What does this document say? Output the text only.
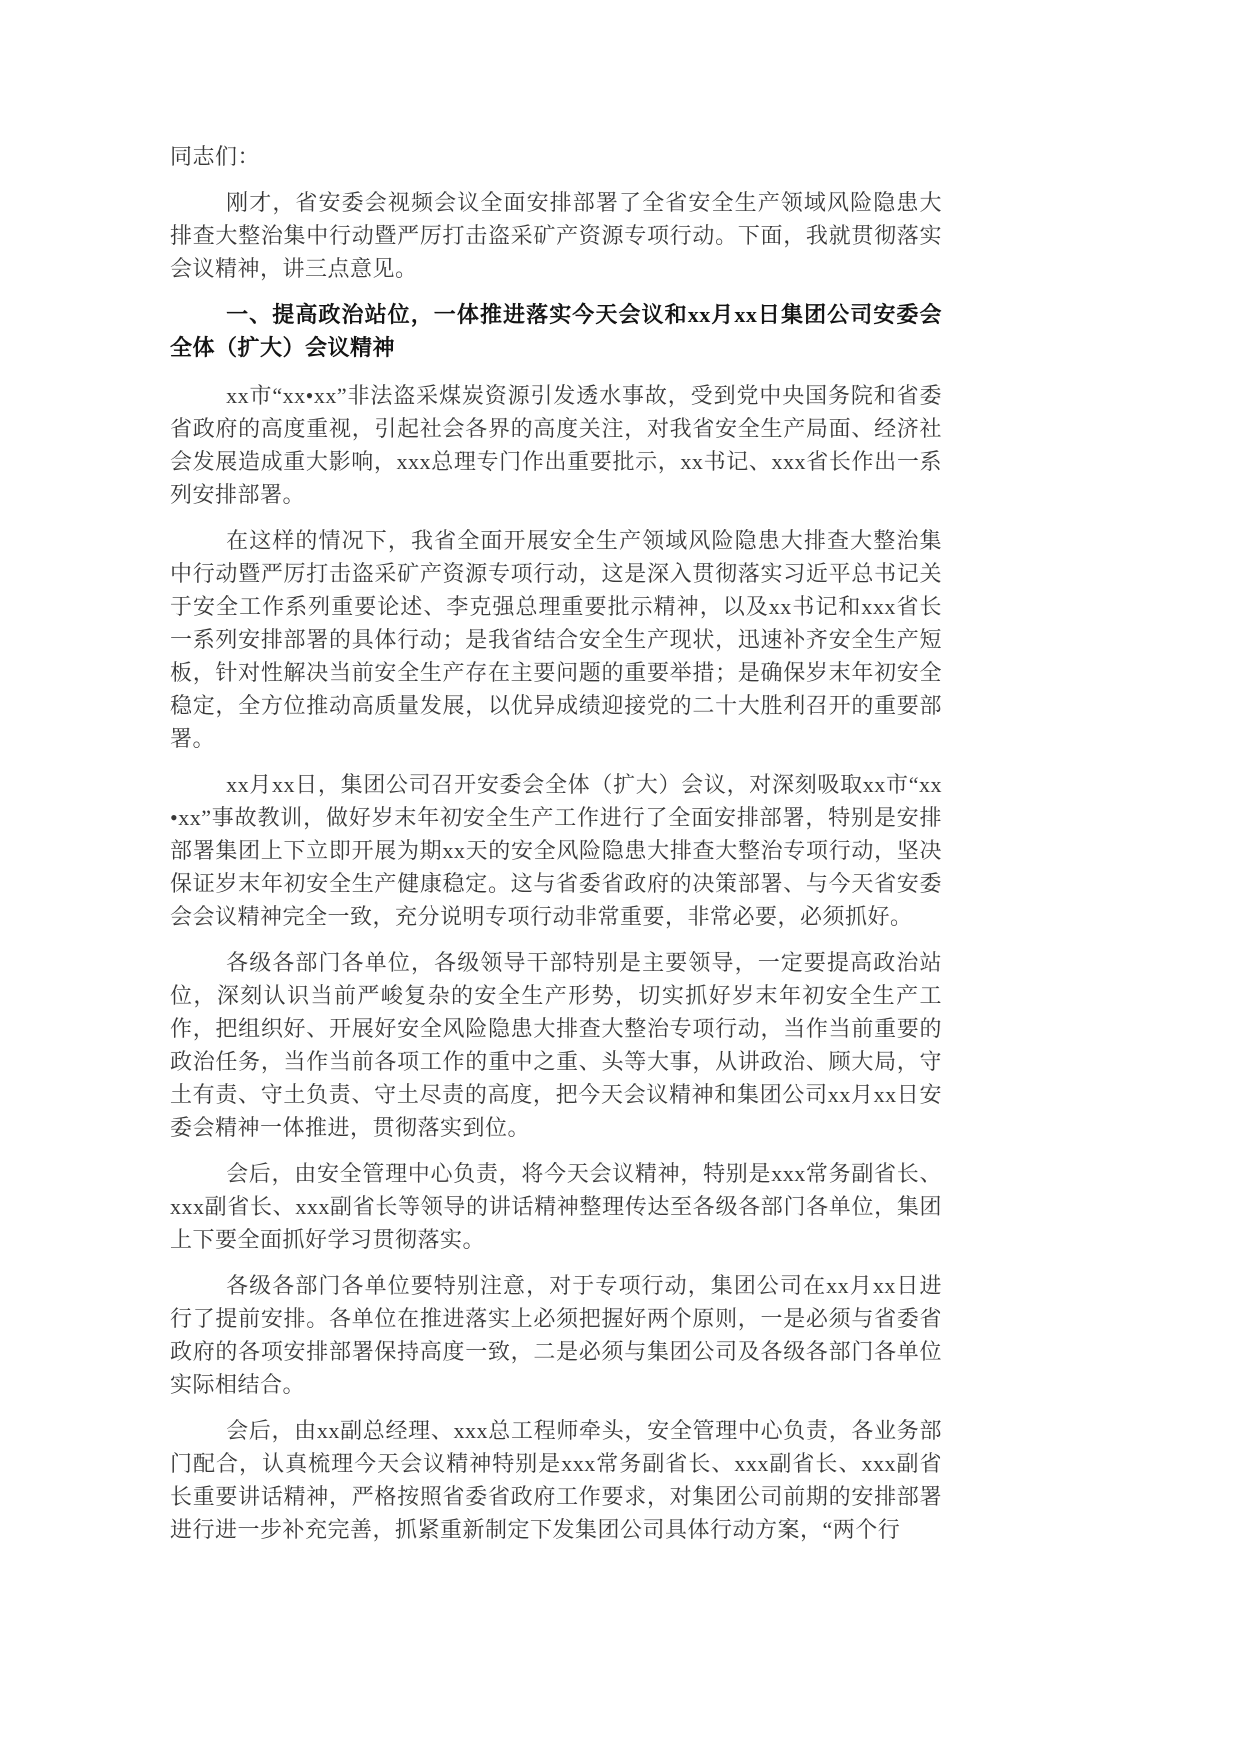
同志们：

刚才，省安委会视频会议全面安排部署了全省安全生产领域风险隐患大排查大整治集中行动暨严厉打击盗采矿产资源专项行动。下面，我就贯彻落实会议精神，讲三点意见。

一、提高政治站位，一体推进落实今天会议和xx月xx日集团公司安委会全体（扩大）会议精神

xx市“xx•xx”非法盗采煤炭资源引发透水事故，受到党中央国务院和省委省政府的高度重视，引起社会各界的高度关注，对我省安全生产局面、经济社会发展造成重大影响，xxx总理专门作出重要批示，xx书记、xxx省长作出一系列安排部署。

在这样的情况下，我省全面开展安全生产领域风险隐患大排查大整治集中行动暨严厉打击盗采矿产资源专项行动，这是深入贯彻落实习近平总书记关于安全工作系列重要论述、李克强总理重要批示精神，以及xx书记和xxx省长一系列安排部署的具体行动；是我省结合安全生产现状，迅速补齐安全生产短板，针对性解决当前安全生产存在主要问题的重要举措；是确保岁末年初安全稳定，全方位推动高质量发展，以优异成绩迎接党的二十大胜利召开的重要部署。

xx月xx日，集团公司召开安委会全体（扩大）会议，对深刻吸取xx市“xx•xx”事故教训，做好岁末年初安全生产工作进行了全面安排部署，特别是安排部署集团上下立即开展为期xx天的安全风险隐患大排查大整治专项行动，坚决保证岁末年初安全生产健康稳定。这与省委省政府的决策部署、与今天省安委会会议精神完全一致，充分说明专项行动非常重要，非常必要，必须抓好。

各级各部门各单位，各级领导干部特别是主要领导，一定要提高政治站位，深刻认识当前严峻复杂的安全生产形势，切实抓好岁末年初安全生产工作，把组织好、开展好安全风险隐患大排查大整治专项行动，当作当前重要的政治任务，当作当前各项工作的重中之重、头等大事，从讲政治、顾大局，守土有责、守土负责、守土尽责的高度，把今天会议精神和集团公司xx月xx日安委会精神一体推进，贯彻落实到位。

会后，由安全管理中心负责，将今天会议精神，特别是xxx常务副省长、xxx副省长、xxx副省长等领导的讲话精神整理传达至各级各部门各单位，集团上下要全面抓好学习贯彻落实。

各级各部门各单位要特别注意，对于专项行动，集团公司在xx月xx日进行了提前安排。各单位在推进落实上必须把握好两个原则，一是必须与省委省政府的各项安排部署保持高度一致，二是必须与集团公司及各级各部门各单位实际相结合。

会后，由xx副总经理、xxx总工程师牵头，安全管理中心负责，各业务部门配合，认真梳理今天会议精神特别是xxx常务副省长、xxx副省长、xxx副省长重要讲话精神，严格按照省委省政府工作要求，对集团公司前期的安排部署进行进一步补充完善，抓紧重新制定下发集团公司具体行动方案，“两个行
